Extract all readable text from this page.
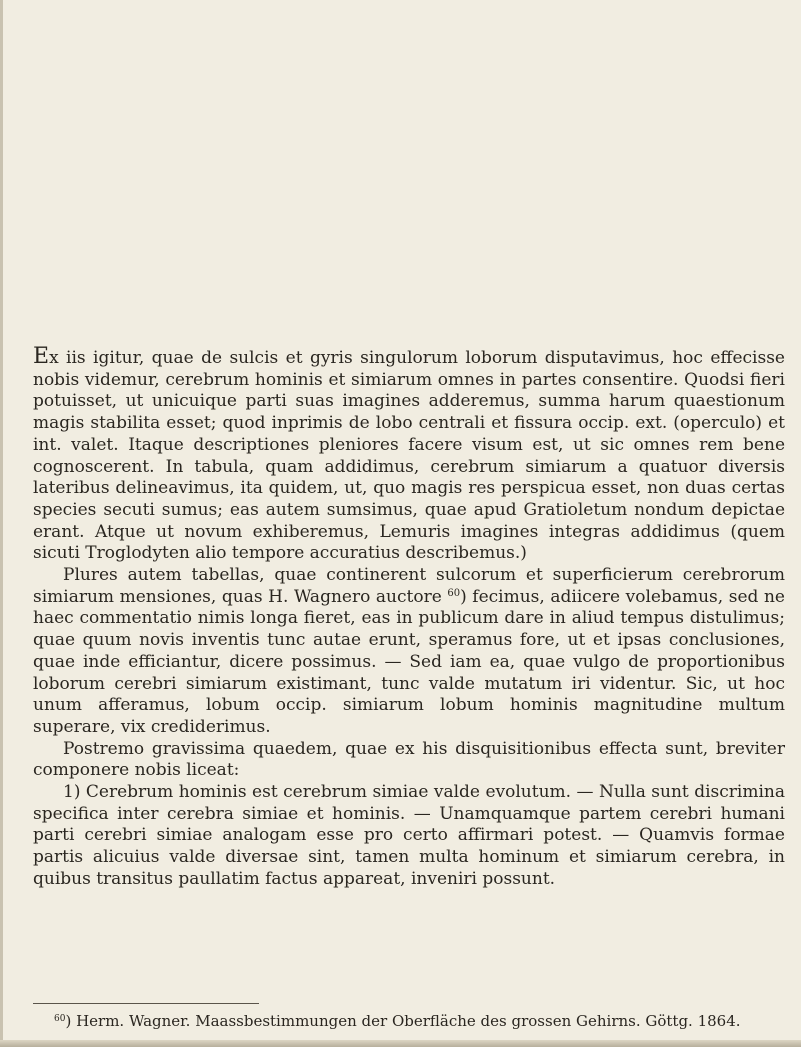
Ex iis igitur, quae de sulcis et gyris singulorum loborum disputavimus, hoc effecisse nobis videmur, cerebrum hominis et simiarum omnes in partes consentire. Quodsi fieri potuisset, ut unicuique parti suas imagines adderemus, summa harum quaestionum magis stabilita esset; quod inprimis de lobo centrali et fissura occip. ext. (operculo) et int. valet. Itaque descriptiones pleniores facere visum est, ut sic omnes rem bene cognoscerent. In tabula, quam addidimus, cerebrum simiarum a quatuor diversis lateribus delineavimus, ita quidem, ut, quo magis res perspicua esset, non duas certas species secuti sumus; eas autem sumsimus, quae apud Gratioletum nondum depictae erant. Atque ut novum exhiberemus, Lemuris imagines integras addidimus (quem sicuti Troglodyten alio tempore accuratius describemus.)

Plures autem tabellas, quae continerent sulcorum et superficierum cerebrorum simiarum mensiones, quas H. Wagnero auctore $^{60}$) fecimus, adiicere volebamus, sed ne haec commentatio nimis longa fieret, eas in publicum dare in aliud tempus distulimus; quae quum novis inventis tunc autae erunt, speramus fore, ut et ipsas conclusiones, quae inde efficiantur, dicere possimus. — Sed iam ea, quae vulgo de proportionibus loborum cerebri simiarum existimant, tunc valde mutatum iri videntur. Sic, ut hoc unum afferamus, lobum occip. simiarum lobum hominis magnitudine multum superare, vix crediderimus.

Postremo gravissima quaedem, quae ex his disquisitionibus effecta sunt, breviter componere nobis liceat:

1) Cerebrum hominis est cerebrum simiae valde evolutum. — Nulla sunt discrimina specifica inter cerebra simiae et hominis. — Unamquamque partem cerebri humani parti cerebri simiae analogam esse pro certo affirmari potest. — Quamvis formae partis alicuius valde diversae sint, tamen multa hominum et simiarum cerebra, in quibus transitus paullatim factus appareat, inveniri possunt.

$^{60}$) Herm. Wagner. Maassbestimmungen der Oberfläche des grossen Gehirns. Göttg. 1864.
